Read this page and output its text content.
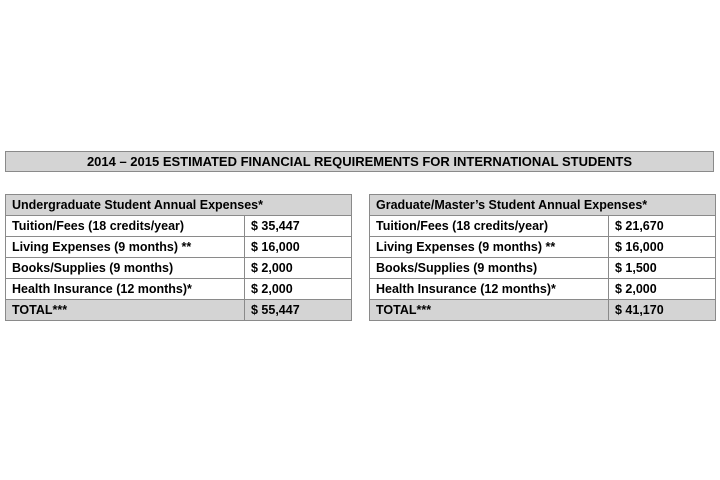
2014 – 2015 ESTIMATED FINANCIAL REQUIREMENTS FOR INTERNATIONAL STUDENTS
Undergraduate Student Annual Expenses*	
Tuition/Fees (18 credits/year)	$ 35,447
Living Expenses (9 months) **	$ 16,000
Books/Supplies (9 months)	$ 2,000
Health Insurance (12 months)*	$ 2,000
TOTAL***	$ 55,447
Graduate/Master’s Student Annual Expenses*	
Tuition/Fees (18 credits/year)	$ 21,670
Living Expenses (9 months) **	$ 16,000
Books/Supplies (9 months)	$ 1,500
Health Insurance (12 months)*	$ 2,000
TOTAL***	$ 41,170
